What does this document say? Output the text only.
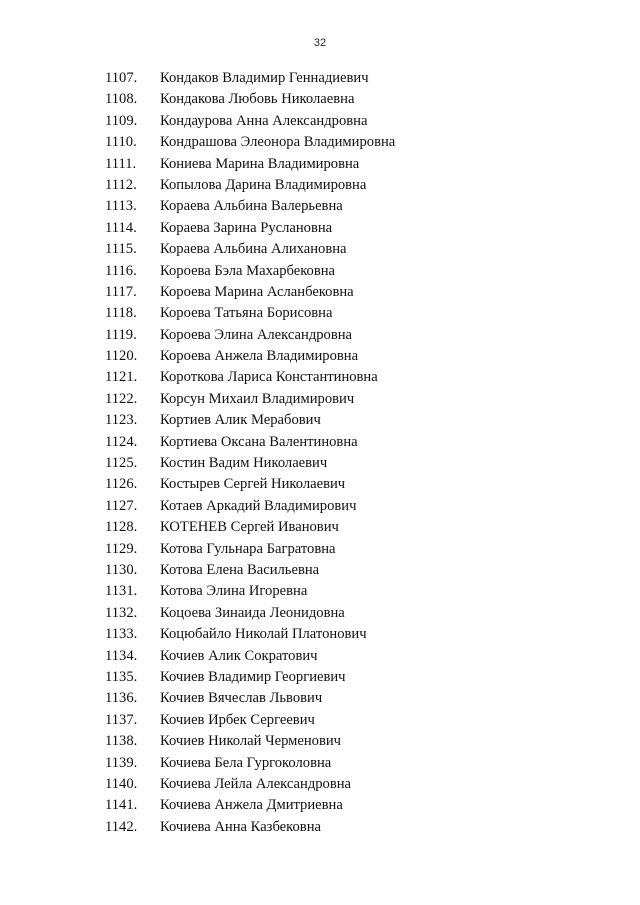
32
1107. Кондаков Владимир Геннадиевич
1108. Кондакова Любовь Николаевна
1109. Кондаурова Анна Александровна
1110. Кондрашова Элеонора Владимировна
1111. Кониева Марина Владимировна
1112. Копылова Дарина Владимировна
1113. Кораева Альбина Валерьевна
1114. Кораева Зарина Руслановна
1115. Кораева Альбина Алихановна
1116. Короева Бэла Махарбековна
1117. Короева Марина Асланбековна
1118. Короева Татьяна Борисовна
1119. Короева Элина Александровна
1120. Короева Анжела Владимировна
1121. Короткова Лариса Константиновна
1122. Корсун Михаил Владимирович
1123. Кортиев Алик Мерабович
1124. Кортиева Оксана Валентиновна
1125. Костин Вадим Николаевич
1126. Костырев Сергей Николаевич
1127. Котаев Аркадий Владимирович
1128. КОТЕНЕВ Сергей Иванович
1129. Котова Гульнара Багратовна
1130. Котова Елена Васильевна
1131. Котова Элина Игоревна
1132. Коцоева Зинаида Леонидовна
1133. Коцюбайло Николай Платонович
1134. Кочиев Алик Сократович
1135. Кочиев Владимир Георгиевич
1136. Кочиев Вячеслав Львович
1137. Кочиев Ирбек Сергеевич
1138. Кочиев Николай Черменович
1139. Кочиева Бела Гургоколовна
1140. Кочиева Лейла Александровна
1141. Кочиева Анжела Дмитриевна
1142. Кочиева Анна Казбековна
